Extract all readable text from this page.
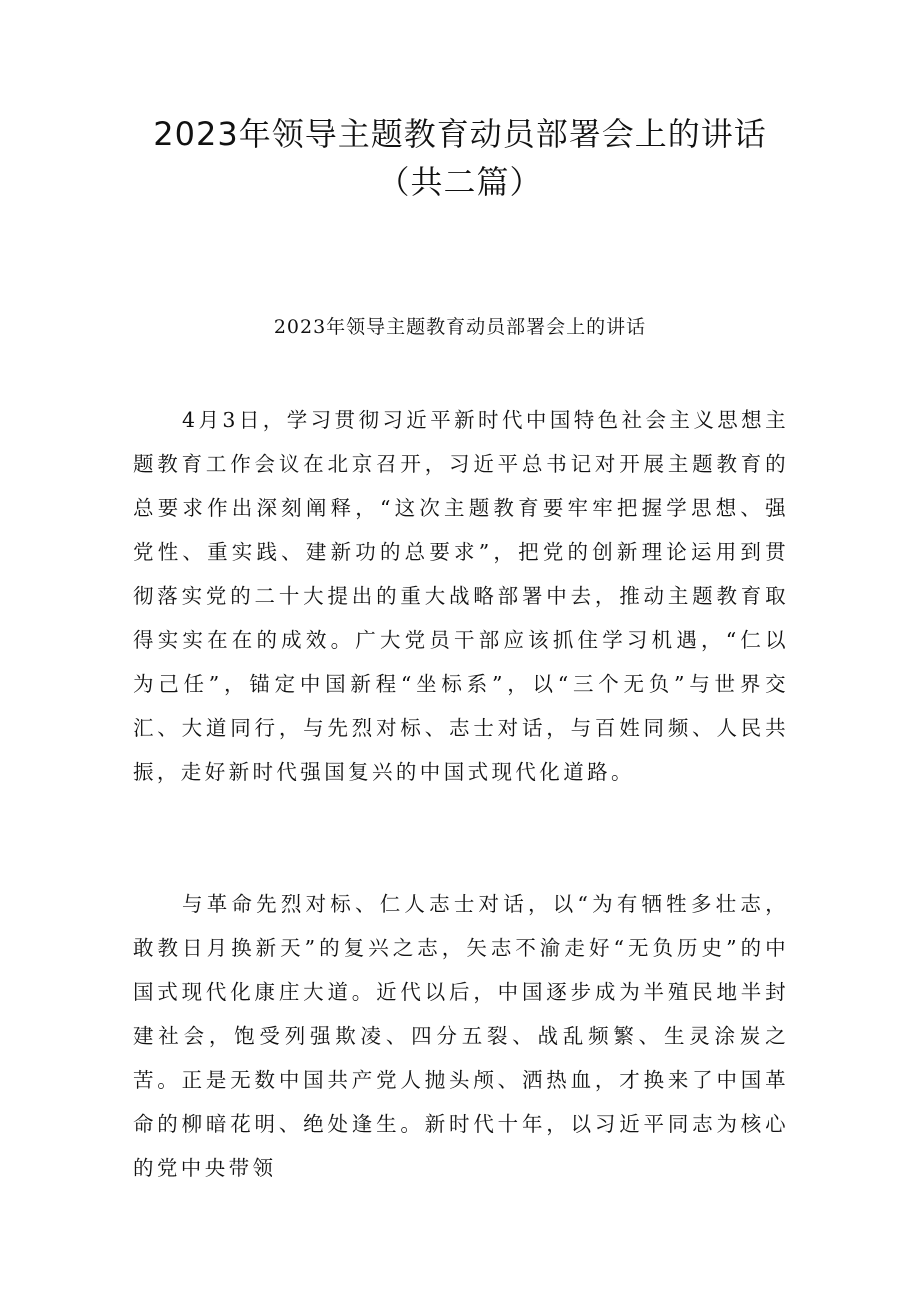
2023年领导主题教育动员部署会上的讲话
（共二篇）
2023年领导主题教育动员部署会上的讲话

4月3日，学习贯彻习近平新时代中国特色社会主义思想主题教育工作会议在北京召开，习近平总书记对开展主题教育的总要求作出深刻阐释，“这次主题教育要牢牢把握学思想、强党性、重实践、建新功的总要求”，把党的创新理论运用到贯彻落实党的二十大提出的重大战略部署中去，推动主题教育取得实实在在的成效。广大党员干部应该抓住学习机遇，“仁以为己任”，锚定中国新程“坐标系”，以“三个无负”与世界交汇、大道同行，与先烈对标、志士对话，与百姓同频、人民共振，走好新时代强国复兴的中国式现代化道路。

与革命先烈对标、仁人志士对话，以“为有牺牲多壮志，敢教日月换新天”的复兴之志，矢志不渝走好“无负历史”的中国式现代化康庄大道。近代以后，中国逐步成为半殖民地半封建社会，饱受列强欺凌、四分五裂、战乱频繁、生灵涂炭之苦。正是无数中国共产党人抛头颅、洒热血，才换来了中国革命的柳暗花明、绝处逢生。新时代十年，以习近平同志为核心的党中央带领
